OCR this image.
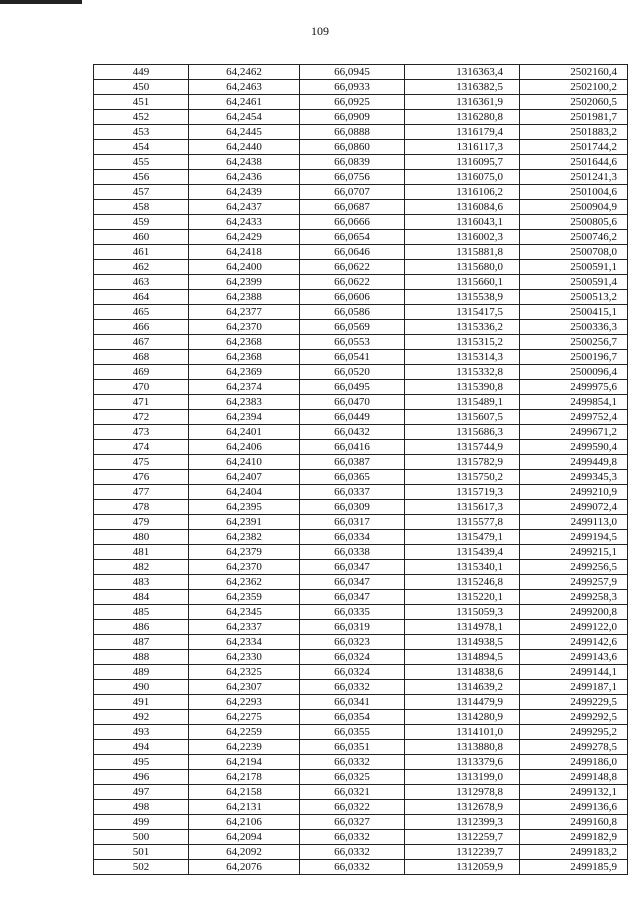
109
449	64,2462	66,0945	1316363,4	2502160,4
450	64,2463	66,0933	1316382,5	2502100,2
451	64,2461	66,0925	1316361,9	2502060,5
452	64,2454	66,0909	1316280,8	2501981,7
453	64,2445	66,0888	1316179,4	2501883,2
454	64,2440	66,0860	1316117,3	2501744,2
455	64,2438	66,0839	1316095,7	2501644,6
456	64,2436	66,0756	1316075,0	2501241,3
457	64,2439	66,0707	1316106,2	2501004,6
458	64,2437	66,0687	1316084,6	2500904,9
459	64,2433	66,0666	1316043,1	2500805,6
460	64,2429	66,0654	1316002,3	2500746,2
461	64,2418	66,0646	1315881,8	2500708,0
462	64,2400	66,0622	1315680,0	2500591,1
463	64,2399	66,0622	1315660,1	2500591,4
464	64,2388	66,0606	1315538,9	2500513,2
465	64,2377	66,0586	1315417,5	2500415,1
466	64,2370	66,0569	1315336,2	2500336,3
467	64,2368	66,0553	1315315,2	2500256,7
468	64,2368	66,0541	1315314,3	2500196,7
469	64,2369	66,0520	1315332,8	2500096,4
470	64,2374	66,0495	1315390,8	2499975,6
471	64,2383	66,0470	1315489,1	2499854,1
472	64,2394	66,0449	1315607,5	2499752,4
473	64,2401	66,0432	1315686,3	2499671,2
474	64,2406	66,0416	1315744,9	2499590,4
475	64,2410	66,0387	1315782,9	2499449,8
476	64,2407	66,0365	1315750,2	2499345,3
477	64,2404	66,0337	1315719,3	2499210,9
478	64,2395	66,0309	1315617,3	2499072,4
479	64,2391	66,0317	1315577,8	2499113,0
480	64,2382	66,0334	1315479,1	2499194,5
481	64,2379	66,0338	1315439,4	2499215,1
482	64,2370	66,0347	1315340,1	2499256,5
483	64,2362	66,0347	1315246,8	2499257,9
484	64,2359	66,0347	1315220,1	2499258,3
485	64,2345	66,0335	1315059,3	2499200,8
486	64,2337	66,0319	1314978,1	2499122,0
487	64,2334	66,0323	1314938,5	2499142,6
488	64,2330	66,0324	1314894,5	2499143,6
489	64,2325	66,0324	1314838,6	2499144,1
490	64,2307	66,0332	1314639,2	2499187,1
491	64,2293	66,0341	1314479,9	2499229,5
492	64,2275	66,0354	1314280,9	2499292,5
493	64,2259	66,0355	1314101,0	2499295,2
494	64,2239	66,0351	1313880,8	2499278,5
495	64,2194	66,0332	1313379,6	2499186,0
496	64,2178	66,0325	1313199,0	2499148,8
497	64,2158	66,0321	1312978,8	2499132,1
498	64,2131	66,0322	1312678,9	2499136,6
499	64,2106	66,0327	1312399,3	2499160,8
500	64,2094	66,0332	1312259,7	2499182,9
501	64,2092	66,0332	1312239,7	2499183,2
502	64,2076	66,0332	1312059,9	2499185,9
